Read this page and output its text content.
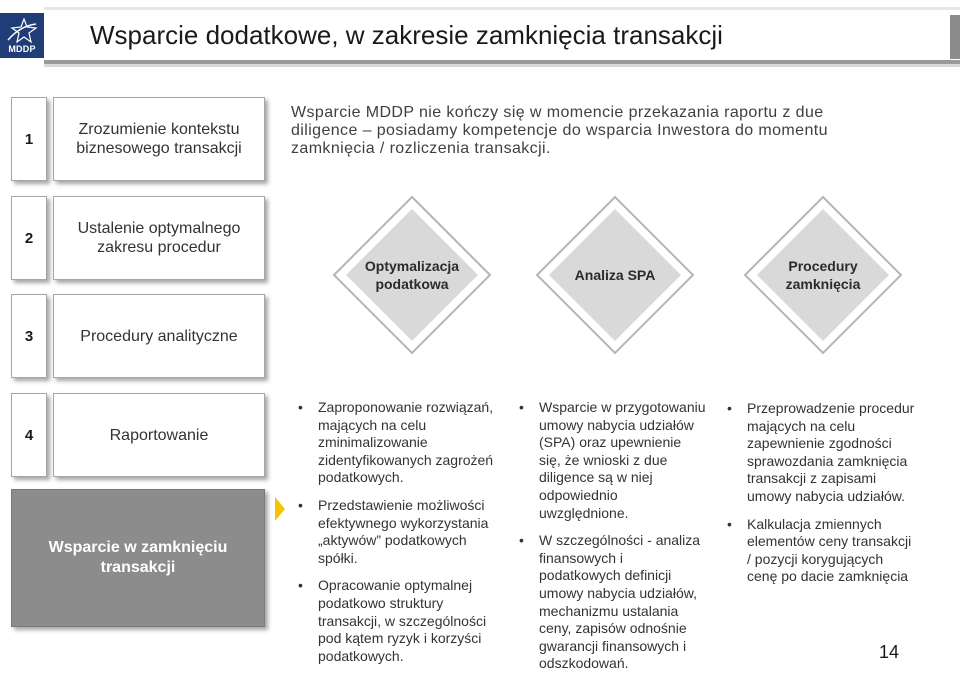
MDDP Wsparcie dodatkowe, w zakresie zamknięcia transakcji
1
Zrozumienie kontekstu
biznesowego transakcji
2
Ustalenie optymalnego
zakresu procedur
3	Procedury analityczne
4	Raportowanie
Wsparcie w zamknięciu
transakcji
Wsparcie MDDP nie kończy się w momencie przekazania raportu z due
diligence – posiadamy kompetencje do wsparcia Inwestora do momentu
zamknięcia / rozliczenia transakcji.
Optymalizacja
podatkowa
Analiza SPA
Procedury
zamknięcia
• Zaproponowanie rozwiązań,
mających na celu
zminimalizowanie
zidentyfikowanych zagrożeń
podatkowych.
• Przedstawienie możliwości
efektywnego wykorzystania
„aktywów” podatkowych
spółki.
• Opracowanie optymalnej
podatkowo struktury
transakcji, w szczególności
pod kątem ryzyk i korzyści
podatkowych.
• Wsparcie w przygotowaniu
umowy nabycia udziałów
(SPA) oraz upewnienie
się, że wnioski z due
diligence są w niej
odpowiednio
uwzględnione.
• W szczególności - analiza
finansowych i
podatkowych definicji
umowy nabycia udziałów,
mechanizmu ustalania
ceny, zapisów odnośnie
gwarancji finansowych i
odszkodowań.
• Przeprowadzenie procedur
mających na celu
zapewnienie zgodności
sprawozdania zamknięcia
transakcji z zapisami
umowy nabycia udziałów.
• Kalkulacja zmiennych
elementów ceny transakcji
/ pozycji korygujących
cenę po dacie zamknięcia
14
